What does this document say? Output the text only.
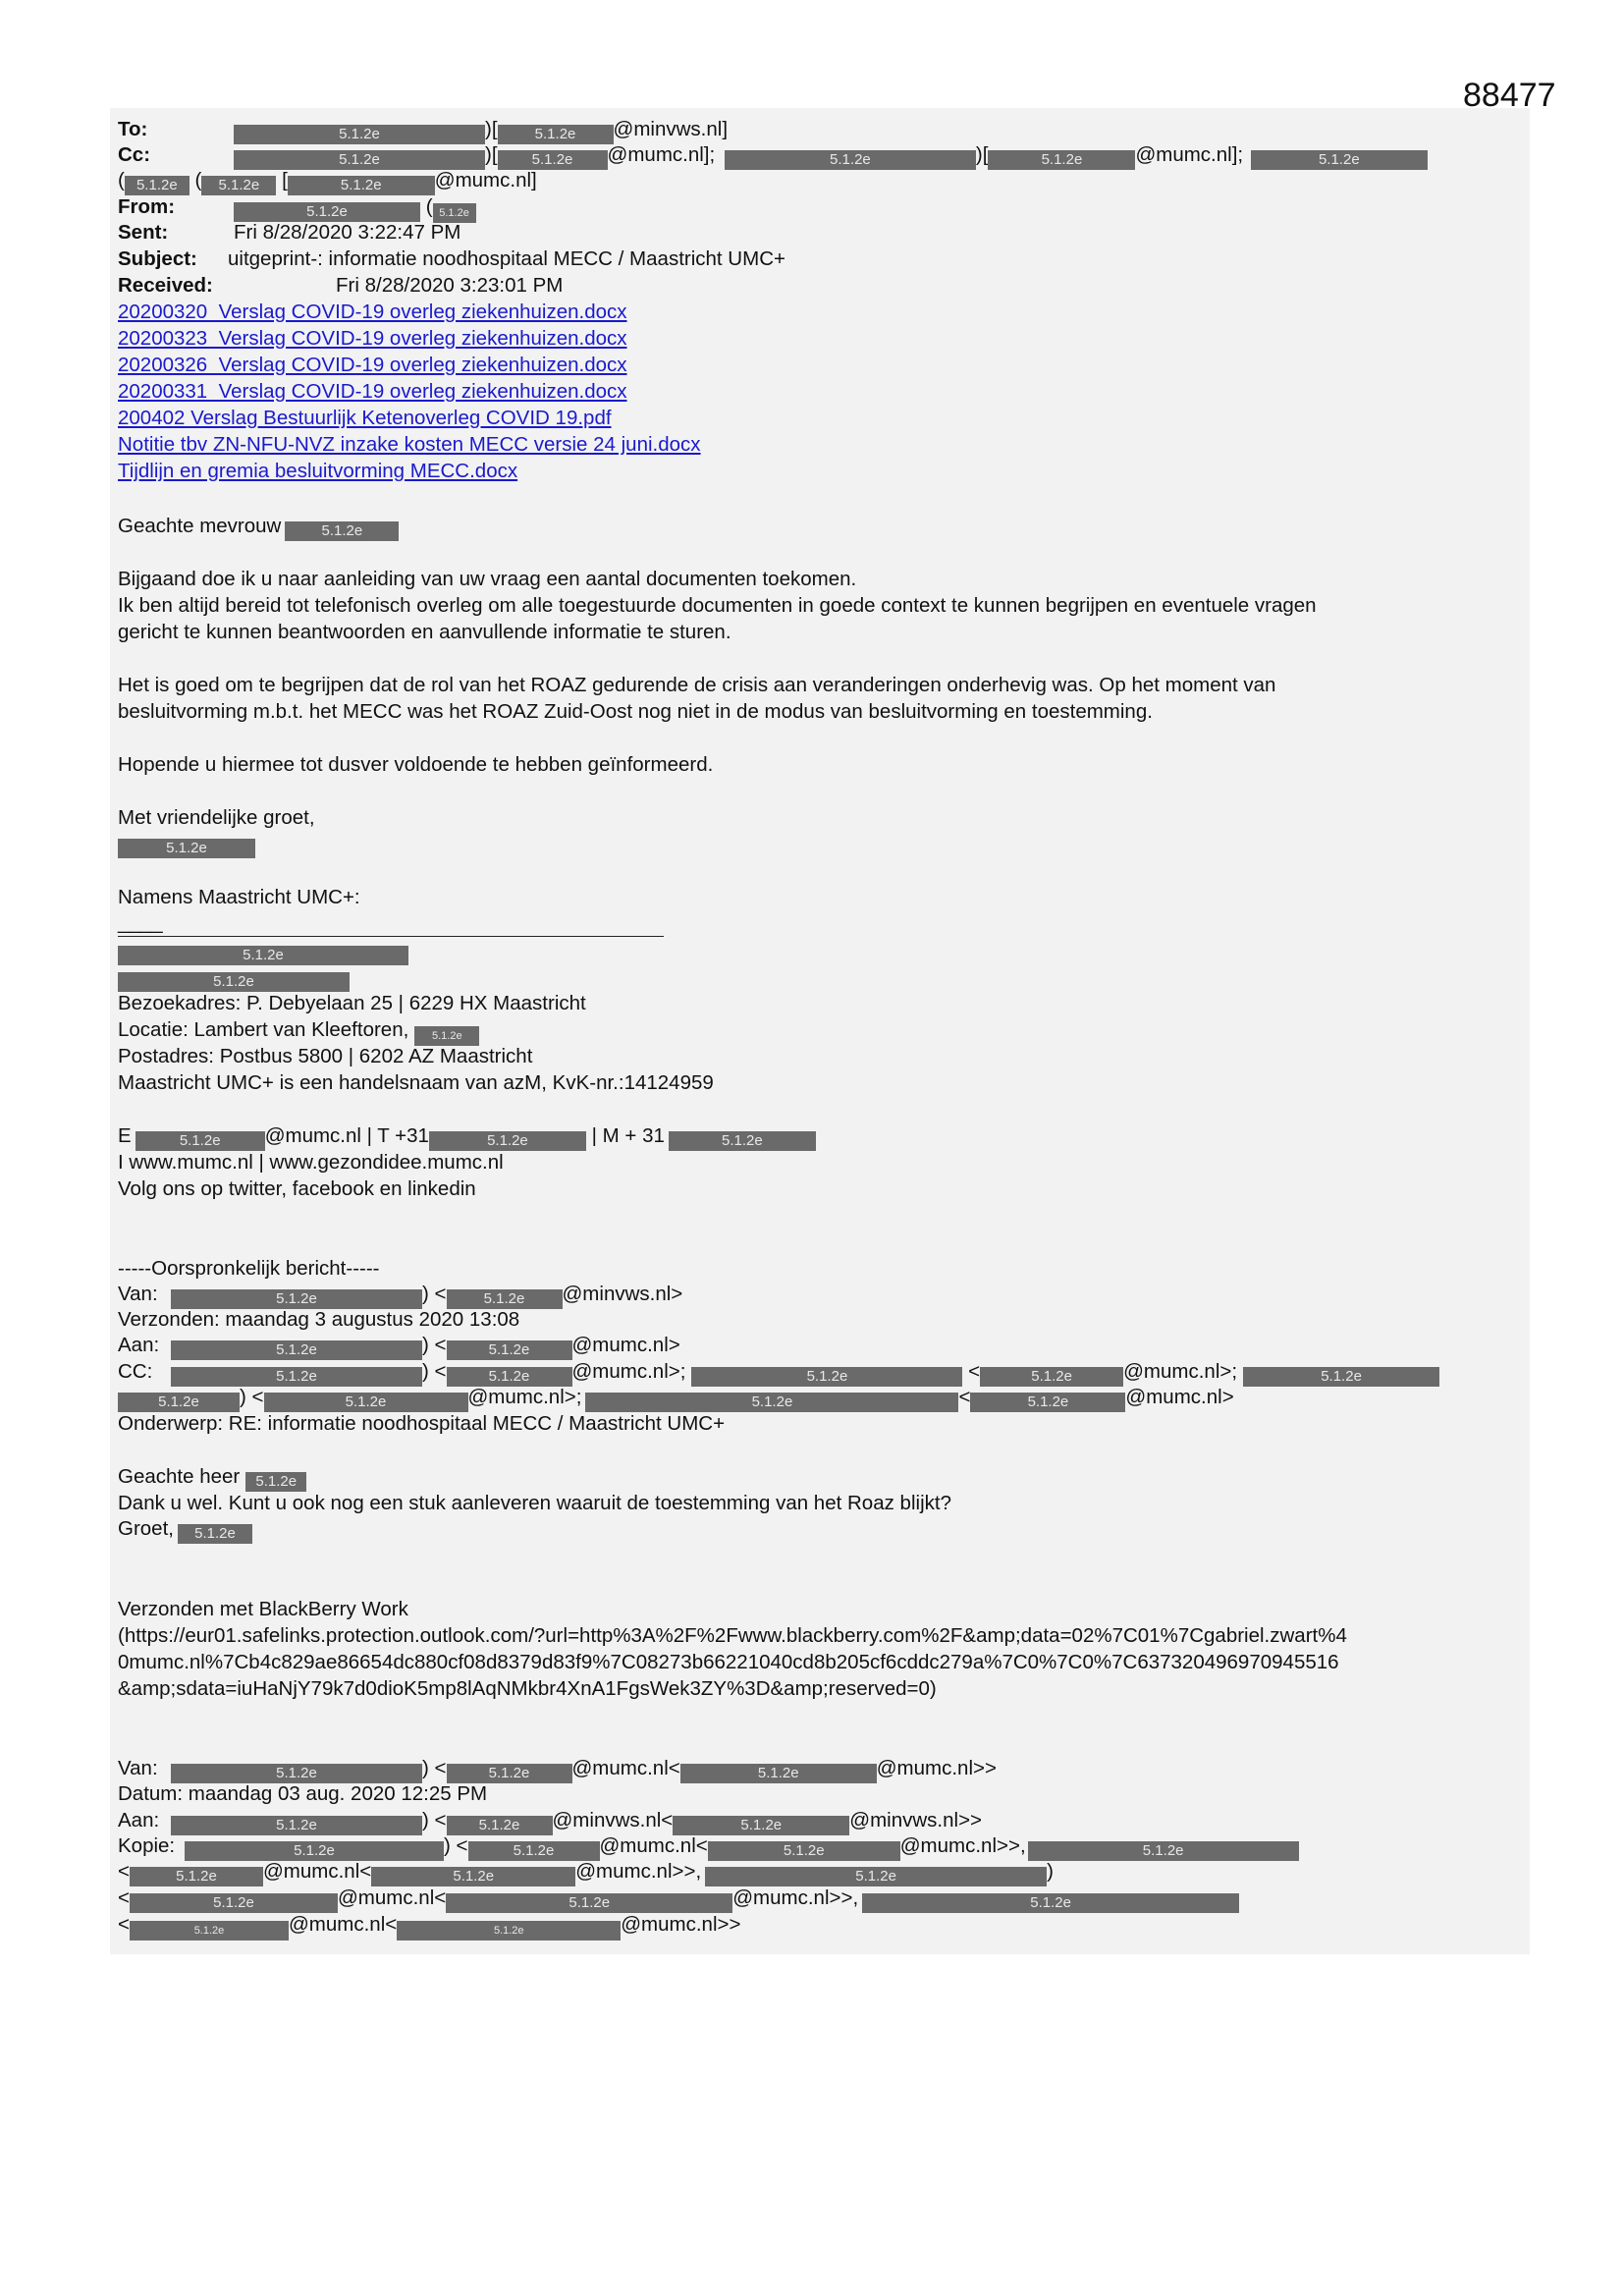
88477
To:	5.1.2e	)[	5.1.2e @minvws.nl]
Cc:	5.1.2e	)[ 5.1.2e @mumc.nl];	5.1.2e	)[	5.1.2e	@mumc.nl];	5.1.2e
( 5.1.2e ( 5.1.2e [	5.1.2e	@mumc.nl]
From:	5.1.2e	( 5.1.2e
Sent:	Fri 8/28/2020 3:22:47 PM
Subject: uitgeprint-: informatie noodhospitaal MECC / Maastricht UMC+
Received:	Fri 8/28/2020 3:23:01 PM
20200320_Verslag COVID-19 overleg ziekenhuizen.docx
20200323_Verslag COVID-19 overleg ziekenhuizen.docx
20200326_Verslag COVID-19 overleg ziekenhuizen.docx
20200331_Verslag COVID-19 overleg ziekenhuizen.docx
200402 Verslag Bestuurlijk Ketenoverleg COVID 19.pdf
Notitie tbv ZN-NFU-NVZ inzake kosten MECC versie 24 juni.docx
Tijdlijn en gremia besluitvorming MECC.docx
Geachte mevrouw	5.1.2e
Bijgaand doe ik u naar aanleiding van uw vraag een aantal documenten toekomen.
Ik ben altijd bereid tot telefonisch overleg om alle toegestuurde documenten in goede context te kunnen begrijpen en eventuele vragen
gericht te kunnen beantwoorden en aanvullende informatie te sturen.
Het is goed om te begrijpen dat de rol van het ROAZ gedurende de crisis aan veranderingen onderhevig was. Op het moment van
besluitvorming m.b.t. het MECC was het ROAZ Zuid-Oost nog niet in de modus van besluitvorming en toestemming.
Hopende u hiermee tot dusver voldoende te hebben geïnformeerd.
Met vriendelijke groet,
5.1.2e
Namens Maastricht UMC+:
____
5.1.2e
5.1.2e
Bezoekadres: P. Debyelaan 25 | 6229 HX Maastricht
Locatie: Lambert van Kleeftoren, 5.1.2e
Postadres: Postbus 5800 | 6202 AZ Maastricht
Maastricht UMC+ is een handelsnaam van azM, KvK-nr.:14124959
E	5.1.2e @mumc.nl | T +31	5.1.2e	| M + 31	5.1.2e
I www.mumc.nl | www.gezondidee.mumc.nl
Volg ons op twitter, facebook en linkedin
-----Oorspronkelijk bericht-----
Van:	5.1.2e	) <	5.1.2e @minvws.nl>
Verzonden: maandag 3 augustus 2020 13:08
Aan:	5.1.2e	) <	5.1.2e @mumc.nl>
CC:	5.1.2e	) <	5.1.2e @mumc.nl>;	5.1.2e	<	5.1.2e	@mumc.nl>;	5.1.2e
5.1.2e ) <	5.1.2e	@mumc.nl>;	5.1.2e	<	5.1.2e	@mumc.nl>
Onderwerp: RE: informatie noodhospitaal MECC / Maastricht UMC+
Geachte heer 5.1.2e
Dank u wel. Kunt u ook nog een stuk aanleveren waaruit de toestemming van het Roaz blijkt?
Groet, 5.1.2e
Verzonden met BlackBerry Work
(https://eur01.safelinks.protection.outlook.com/?url=http%3A%2F%2Fwww.blackberry.com%2F&amp;data=02%7C01%7Cgabriel.zwart%4
0mumc.nl%7Cb4c829ae86654dc880cf08d8379d83f9%7C08273b66221040cd8b205cf6cddc279a%7C0%7C0%7C637320496970945516
&amp;sdata=iuHaNjY79k7d0dioK5mp8lAqNMkbr4XnA1FgsWek3ZY%3D&amp;reserved=0)
Van:	5.1.2e	) <	5.1.2e @mumc.nl<	5.1.2e	@mumc.nl>>
Datum: maandag 03 aug. 2020 12:25 PM
Aan:	5.1.2e	) < 5.1.2e @minvws.nl<	5.1.2e	@minvws.nl>>
Kopie:	5.1.2e	) <	5.1.2e @mumc.nl<	5.1.2e	@mumc.nl>>,	5.1.2e
<	5.1.2e @mumc.nl<	5.1.2e	@mumc.nl>>,	5.1.2e	)
<	5.1.2e	@mumc.nl<	5.1.2e	@mumc.nl>>,	5.1.2e
<	5.1.2e	@mumc.nl<	5.1.2e	@mumc.nl>>
